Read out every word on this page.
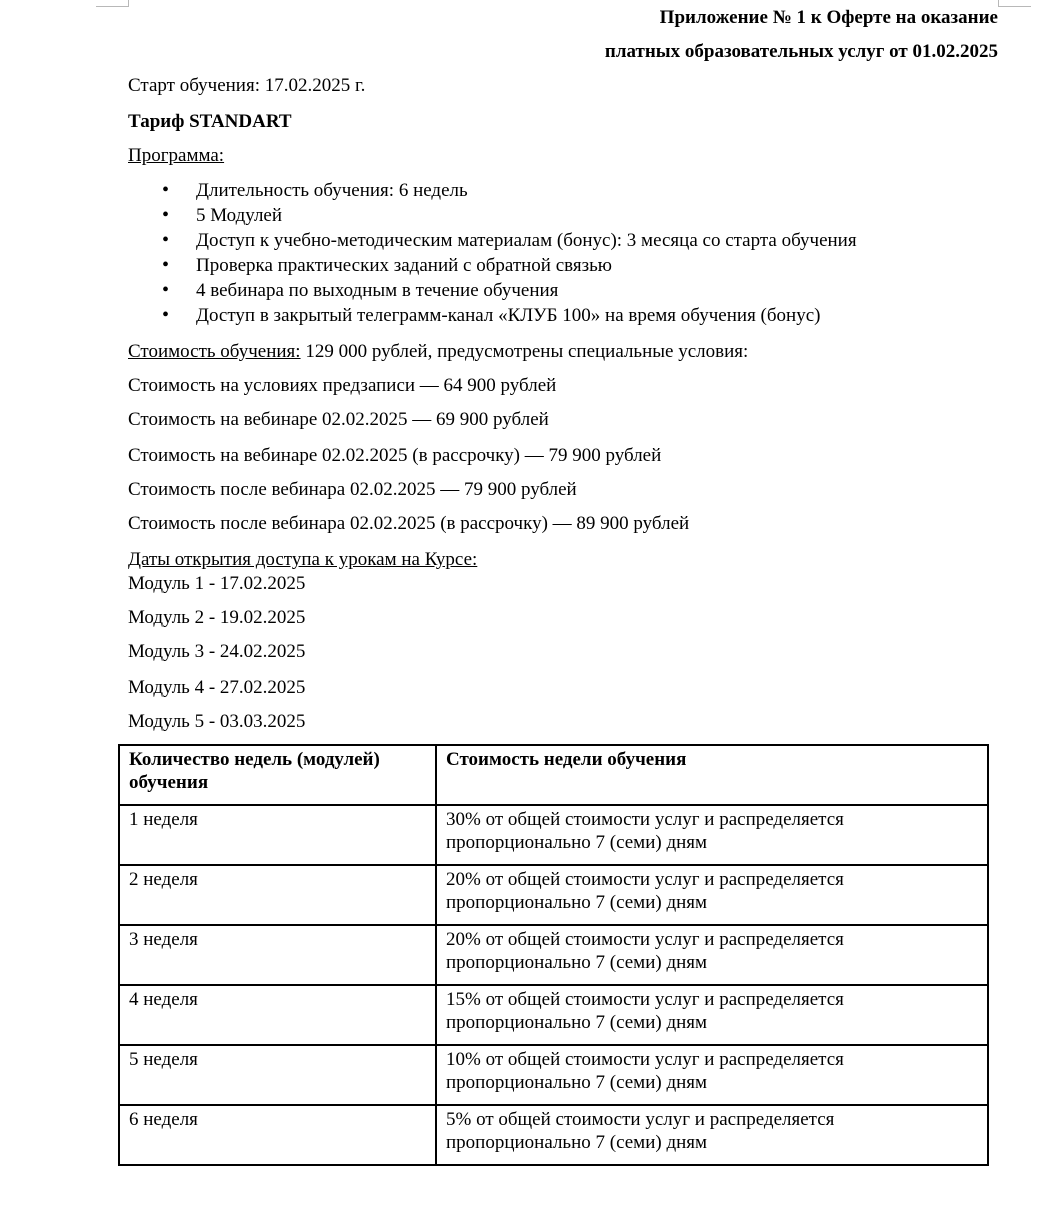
Приложение № 1 к Оферте на оказание
платных образовательных услуг от 01.02.2025
Старт обучения: 17.02.2025 г.
Тариф STANDART
Программа:
• Длительность обучения: 6 недель
• 5 Модулей
• Доступ к учебно-методическим материалам (бонус): 3 месяца со старта обучения
• Проверка практических заданий с обратной связью
• 4 вебинара по выходным в течение обучения
• Доступ в закрытый телеграмм-канал «КЛУБ 100» на время обучения (бонус)
Стоимость обучения: 129 000 рублей, предусмотрены специальные условия:
Стоимость на условиях предзаписи — 64 900 рублей
Стоимость на вебинаре 02.02.2025 — 69 900 рублей
Стоимость на вебинаре 02.02.2025 (в рассрочку) — 79 900 рублей
Стоимость после вебинара 02.02.2025 — 79 900 рублей
Стоимость после вебинара 02.02.2025 (в рассрочку) — 89 900 рублей
Даты открытия доступа к урокам на Курсе:
Модуль 1 - 17.02.2025
Модуль 2 - 19.02.2025
Модуль 3 - 24.02.2025
Модуль 4 - 27.02.2025
Модуль 5 - 03.03.2025
Количество недель (модулей) обучения	Стоимость недели обучения
1 неделя	30% от общей стоимости услуг и распределяется пропорционально 7 (семи) дням
2 неделя	20% от общей стоимости услуг и распределяется пропорционально 7 (семи) дням
3 неделя	20% от общей стоимости услуг и распределяется пропорционально 7 (семи) дням
4 неделя	15% от общей стоимости услуг и распределяется пропорционально 7 (семи) дням
5 неделя	10% от общей стоимости услуг и распределяется пропорционально 7 (семи) дням
6 неделя	5% от общей стоимости услуг и распределяется пропорционально 7 (семи) дням
